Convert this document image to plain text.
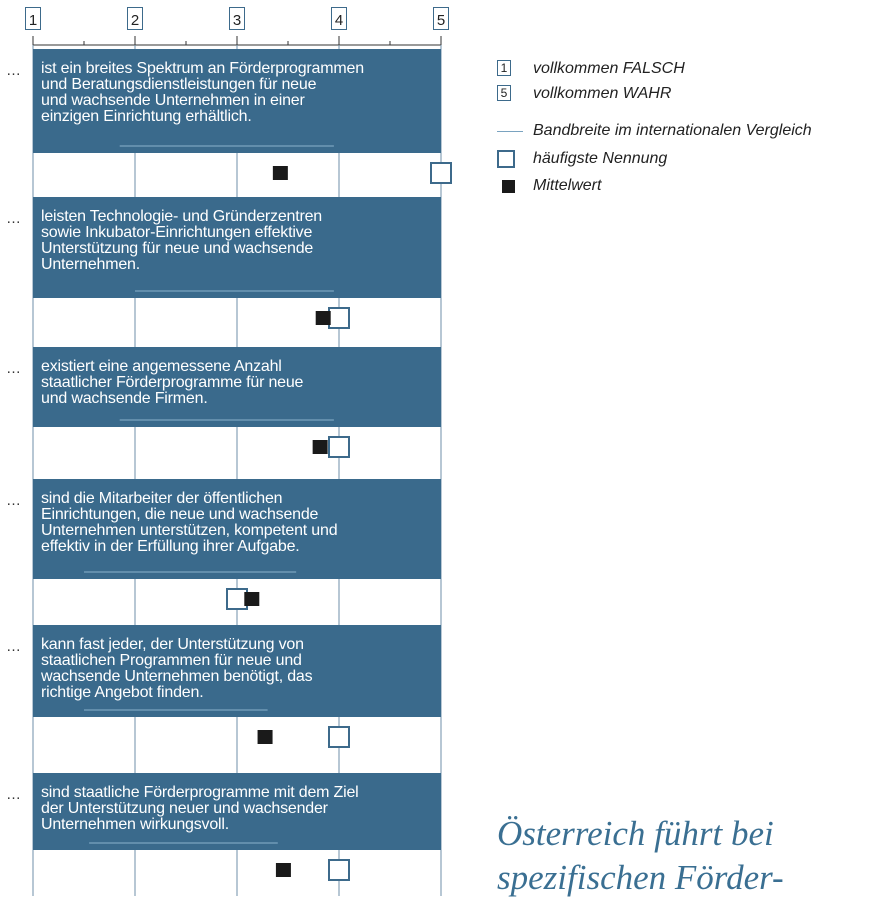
1	2	3	4	5
… ist ein breites Spektrum an Förderprogrammen
und Beratungsdienstleistungen für neue
und wachsende Unternehmen in einer
einzigen Einrichtung erhältlich.
… leisten Technologie- und Gründerzentren
sowie Inkubator-Einrichtungen effektive
Unterstützung für neue und wachsende
Unternehmen.
… existiert eine angemessene Anzahl
staatlicher Förderprogramme für neue
und wachsende Firmen.
… sind die Mitarbeiter der öffentlichen
Einrichtungen, die neue und wachsende
Unternehmen unterstützen, kompetent und
effektiv in der Erfüllung ihrer Aufgabe.
… kann fast jeder, der Unterstützung von
staatlichen Programmen für neue und
wachsende Unternehmen benötigt, das
richtige Angebot finden.
… sind staatliche Förderprogramme mit dem Ziel
der Unterstützung neuer und wachsender
Unternehmen wirkungsvoll.
1 vollkommen FALSCH
5 vollkommen WAHR
Bandbreite im internationalen Vergleich
häufigste Nennung
Mittelwert
Österreich führt bei
spezifischen Förder-
